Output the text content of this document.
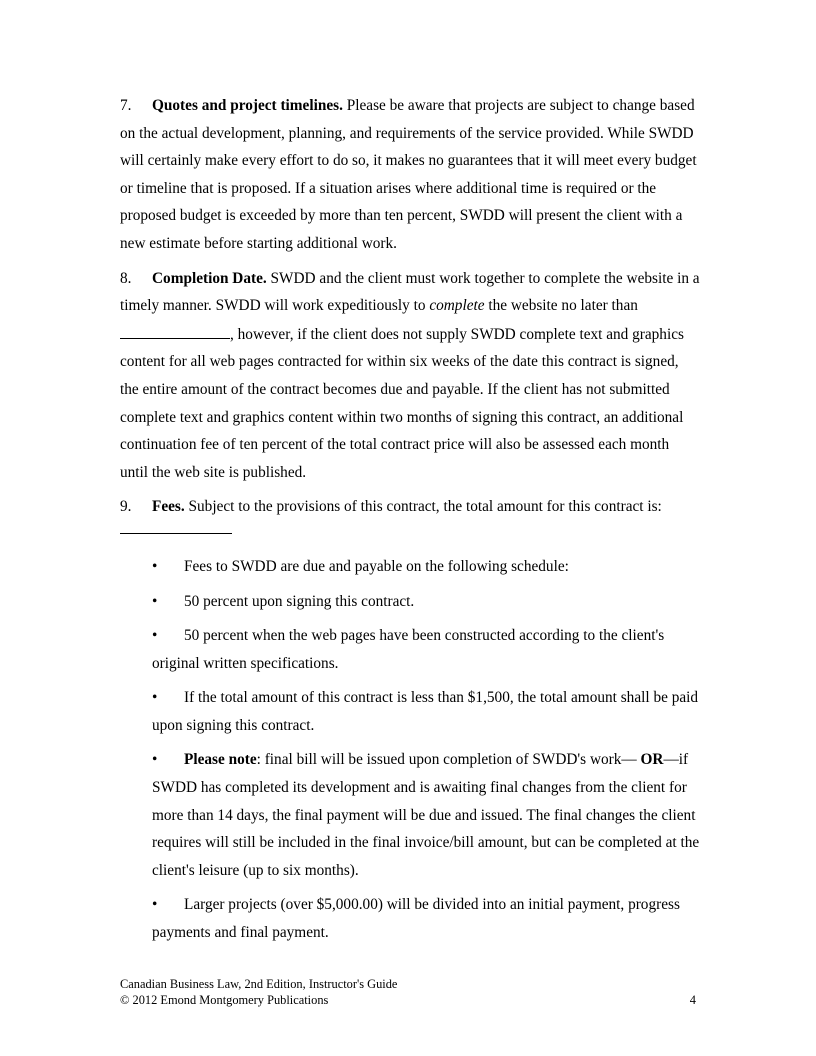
7. Quotes and project timelines. Please be aware that projects are subject to change based on the actual development, planning, and requirements of the service provided. While SWDD will certainly make every effort to do so, it makes no guarantees that it will meet every budget or timeline that is proposed. If a situation arises where additional time is required or the proposed budget is exceeded by more than ten percent, SWDD will present the client with a new estimate before starting additional work.

8. Completion Date. SWDD and the client must work together to complete the website in a timely manner. SWDD will work expeditiously to complete the website no later than , however, if the client does not supply SWDD complete text and graphics content for all web pages contracted for within six weeks of the date this contract is signed, the entire amount of the contract becomes due and payable. If the client has not submitted complete text and graphics content within two months of signing this contract, an additional continuation fee of ten percent of the total contract price will also be assessed each month until the web site is published.

9. Fees. Subject to the provisions of this contract, the total amount for this contract is:

• Fees to SWDD are due and payable on the following schedule:
• 50 percent upon signing this contract.
• 50 percent when the web pages have been constructed according to the client's original written specifications.
• If the total amount of this contract is less than $1,500, the total amount shall be paid upon signing this contract.
• Please note: final bill will be issued upon completion of SWDD's work— OR—if SWDD has completed its development and is awaiting final changes from the client for more than 14 days, the final payment will be due and issued. The final changes the client requires will still be included in the final invoice/bill amount, but can be completed at the client's leisure (up to six months).
• Larger projects (over $5,000.00) will be divided into an initial payment, progress payments and final payment.
Canadian Business Law, 2nd Edition, Instructor's Guide
© 2012 Emond Montgomery Publications	4
